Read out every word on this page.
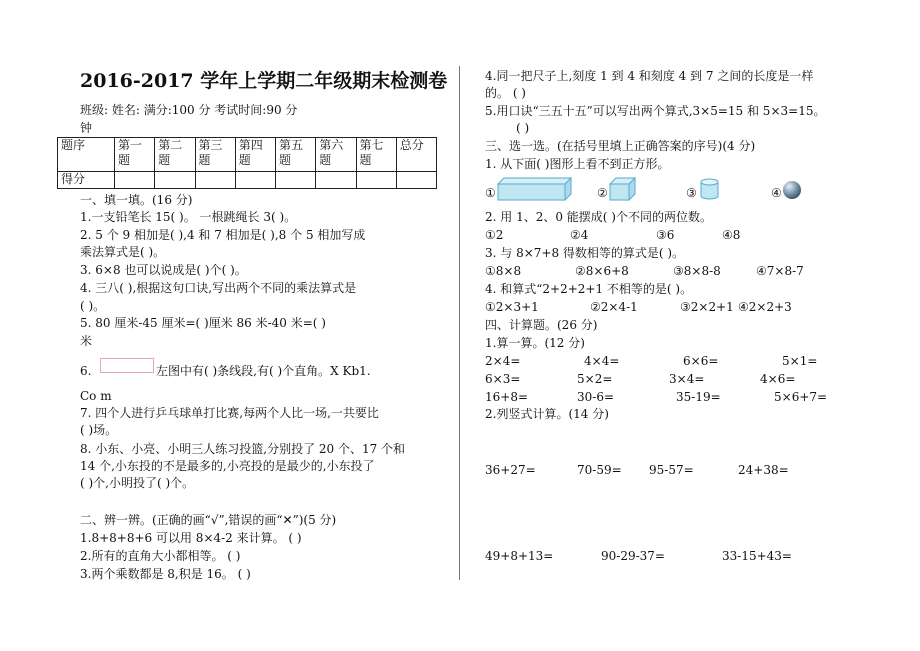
2016-2017 学年上学期二年级期末检测卷
班级: 姓名: 满分:100 分 考试时间:90 分
钟
题序	第一题	第二题	第三题	第四题	第五题	第六题	第七题	总分
得分								
一、填一填。(16 分)
1.一支铅笔长 15( )。 一根跳绳长 3( )。
2. 5 个 9 相加是( ),4 和 7 相加是( ),8 个 5 相加写成
乘法算式是( )。
3. 6×8 也可以说成是( )个( )。
4. 三八( ),根据这句口诀,写出两个不同的乘法算式是
( )。
5. 80 厘米-45 厘米=( )厘米 86 米-40 米=( )
米
6.	左图中有( )条线段,有( )个直角。X Kb1.
Co m
7. 四个人进行乒乓球单打比赛,每两个人比一场,一共要比
( )场。
8. 小东、小亮、小明三人练习投篮,分别投了 20 个、17 个和
14 个,小东投的不是最多的,小亮投的是最少的,小东投了
( )个,小明投了( )个。
二、辨一辨。(正确的画“√”,错误的画“✕”)(5 分)
1.8+8+8+6 可以用 8×4-2 来计算。 ( )
2.所有的直角大小都相等。 ( )
3.两个乘数都是 8,积是 16。 ( )
4.同一把尺子上,刻度 1 到 4 和刻度 4 到 7 之间的长度是一样
的。 ( )
5.用口诀“三五十五”可以写出两个算式,3×5=15 和 5×3=15。
( )
三、选一选。(在括号里填上正确答案的序号)(4 分)
1. 从下面( )图形上看不到正方形。
①	②	③	④
2. 用 1、2、0 能摆成( )个不同的两位数。
①2	②4	③6	④8
3. 与 8×7+8 得数相等的算式是( )。
①8×8	②8×6+8	③8×8-8	④7×8-7
4. 和算式“2+2+2+1 不相等的是( )。
①2×3+1	②2×4-1	③2×2+1 ④2×2+3
四、计算题。(26 分)
1.算一算。(12 分)
2×4=	4×4=	6×6=	5×1=
6×3=	5×2=	3×4=	4×6=
16+8=	30-6=	35-19=	5×6+7=
2.列竖式计算。(14 分)
36+27=	70-59= 95-57=	24+38=
49+8+13=	90-29-37=	33-15+43=
